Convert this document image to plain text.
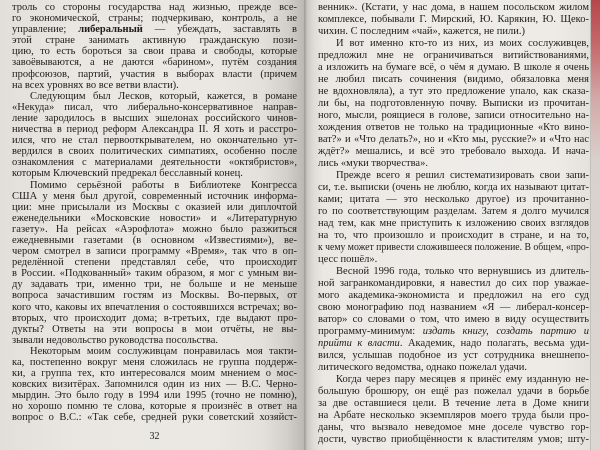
троль со стороны государства над жизнью, прежде все-
го экономической, страны; подчеркиваю, контроль, а не
управление; либеральный — убеждать, заставлять в
этой стране занимать активную гражданскую пози-
цию, то есть бороться за свои права и свободы, которые
завоёвываются, а не даются «барином», путём создания
профсоюзов, партий, участия в выборах власти (причем
на всех уровнях во все ветви власти).
Следующим был Лесков, который, кажется, в романе
«Некуда» писал, что либерально-консервативное направ-
ление зародилось в высших эшелонах российского чинов-
ничества в период реформ Александра II. Я хоть и расстро-
ился, что не стал первооткрывателем, но окончательно ут-
вердился в своих политических симпатиях, особенно после
ознакомления с материалами деятельности «октябристов»,
которым Ключевский предрекал бесславный конец.
Помимо серьёзной работы в Библиотеке Конгресса
США у меня был другой, современный источник информа-
ции: мне присылали из Москвы с оказией или диплочтой
еженедельники «Московские новости» и «Литературную
газету». На рейсах «Аэрофлота» можно было разжиться
ежедневными газетами (в основном «Известиями»), ве-
чером смотрел в записи программу «Время», так что в оп-
ределённой степени представлял себе, что происходит
в России. «Подкованный» таким образом, я мог с умным ви-
ду задавать три, именно три, не больше и не меньше
вопроса зачастившим гостям из Москвы. Во-первых, от
кого что, каковы их впечатления о состоявшихся встречах; во-
вторых, что происходит дома; в-третьих, где выдают про-
дукты? Ответы на эти вопросы в мои отчёты, не вы-
зывали недовольство руководства посольства.
Некоторым моим сослуживцам понравилась моя такти-
ка, постепенно вокруг меня сложилась не группа поддерж-
ки, а группа тех, кто интересовался моим мнением о мос-
ковских визитёрах. Запомнился один из них — В.С. Черно-
мырдин. Это было году в 1994 или 1995 (точно не помню),
но хорошо помню те слова, которые я произнёс в ответ на
вопрос о В.С.: «Так себе, средней руки советский хозяйст-
венник». (Кстати, у нас дома, в нашем посольском жилом
комплексе, побывали Г. Мирский, Ю. Карякин, Ю. Щеко-
чихин. С последним «чай», кажется, не пили.)
И вот именно кто-то из них, из моих сослуживцев,
предложил мне не ограничиваться витийствованиями,
а изложить на бумаге всё, о чём я думаю. В школе я очень
не любил писать сочинения (видимо, обязаловка меня
не вдохновляла), а тут это предложение упало, как сказа-
ли бы, на подготовленную почву. Выписки из прочитан-
ного, мысли, роящиеся в голове, записи относительно на-
хождения ответов не только на традиционные «Кто вино-
ват?» и «Что делать?», но и «Кто мы, русские?» и «Что нас
ждёт?» мешались, и всё это требовало выхода. И нача-
лись «муки творчества».
Прежде всего я решил систематизировать свои запи-
си, т.е. выписки (очень не люблю, когда их называют цитат-
ками; цитата — это несколько другое) из прочитанно-
го по соответствующим разделам. Затем я долго мучился
над тем, как мне приступить к изложению своих взглядов
на то, что произошло и происходит в стране, и на то,
к чему может привести сложившееся положение. В общем, «про-
цесс пошёл».
Весной 1996 года, только что вернувшись из длитель-
ной загранкомандировки, я навестил до сих пор уважае-
мого академика-экономиста и предложил на его суд
свою монографию под названием «Я — либерал-консер-
ватор» со словами о том, что имею в виду осуществить
программу-минимум: издать книгу, создать партию и
прийти к власти. Академик, надо полагать, весьма уди-
вился, услышав подобное из уст сотрудника внешнепо-
литического ведомства, однако пожелал удачи.
Когда через пару месяцев я принёс ему изданную не-
большую брошюру, он ещё раз пожелал удачи в борьбе
за две оставшиеся цели. В течение лета в Доме книги
на Арбате несколько экземпляров моего труда были про-
даны, что вызвало неведомое мне доселе чувство гор-
дости, чувство приобщённости к властителям умов; шту-
32
